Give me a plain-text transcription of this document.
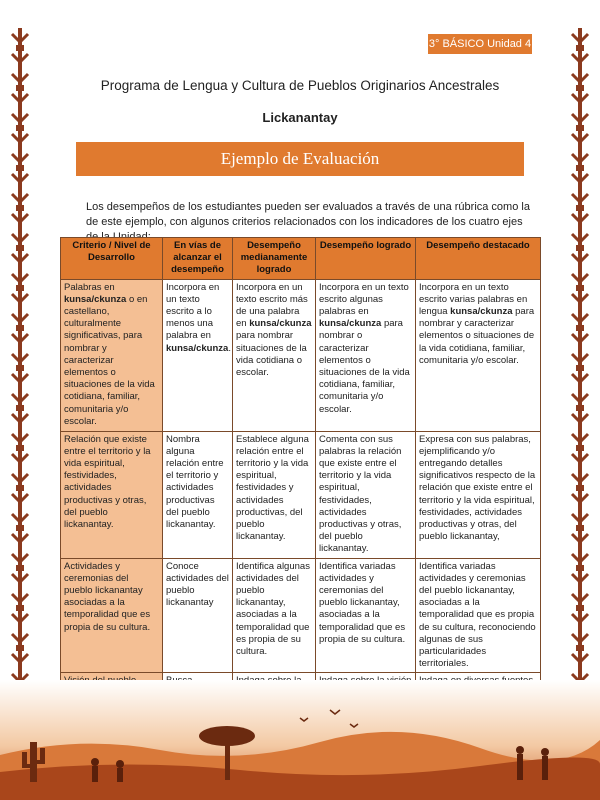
3° BÁSICO Unidad 4
Programa de Lengua y Cultura de Pueblos Originarios Ancestrales
Lickanantay
Ejemplo de Evaluación
Los desempeños de los estudiantes pueden ser evaluados a través de una rúbrica como la de este ejemplo, con algunos criterios relacionados con los indicadores de los cuatro ejes
Criterio / Nivel de Desarrollo	En vías de alcanzar el desempeño	Desempeño medianamente logrado	Desempeño logrado	Desempeño destacado
Palabras en kunsa/ckunza o en castellano, culturalmente significativas, para nombrar y caracterizar elementos o situaciones de la vida cotidiana, familiar, comunitaria y/o escolar.	Incorpora en un texto escrito a lo menos una palabra en kunsa/ckunza.	Incorpora en un texto escrito más de una palabra en kunsa/ckunza para nombrar situaciones de la vida cotidiana o escolar.	Incorpora en un texto escrito algunas palabras en kunsa/ckunza para nombrar o caracterizar elementos o situaciones de la vida cotidiana, familiar, comunitaria y/o escolar.	Incorpora en un texto escrito varias palabras en lengua kunsa/ckunza para nombrar y caracterizar elementos o situaciones de la vida cotidiana, familiar, comunitaria y/o escolar.
Relación que existe entre el territorio y la vida espiritual, festividades, actividades productivas y otras, del pueblo lickanantay.	Nombra alguna relación entre el territorio y actividades productivas del pueblo lickanantay.	Establece alguna relación entre el territorio y la vida espiritual, festividades y actividades productivas, del pueblo lickanantay.	Comenta con sus palabras la relación que existe entre el territorio y la vida espiritual, festividades, actividades productivas y otras, del pueblo lickanantay.	Expresa con sus palabras, ejemplificando y/o entregando detalles significativos respecto de la relación que existe entre el territorio y la vida espiritual, festividades, actividades productivas y otras, del pueblo lickanantay,
Actividades y ceremonias del pueblo lickanantay asociadas a la temporalidad que es propia de su cultura.	Conoce actividades del pueblo lickanantay	Identifica algunas actividades del pueblo lickanantay, asociadas a la temporalidad que es propia de su cultura.	Identifica variadas actividades y ceremonias del pueblo lickanantay, asociadas a la temporalidad que es propia de su cultura.	Identifica variadas actividades y ceremonias del pueblo lickanantay, asociadas a la temporalidad que es propia de su cultura, reconociendo algunas de sus particularidades territoriales.
